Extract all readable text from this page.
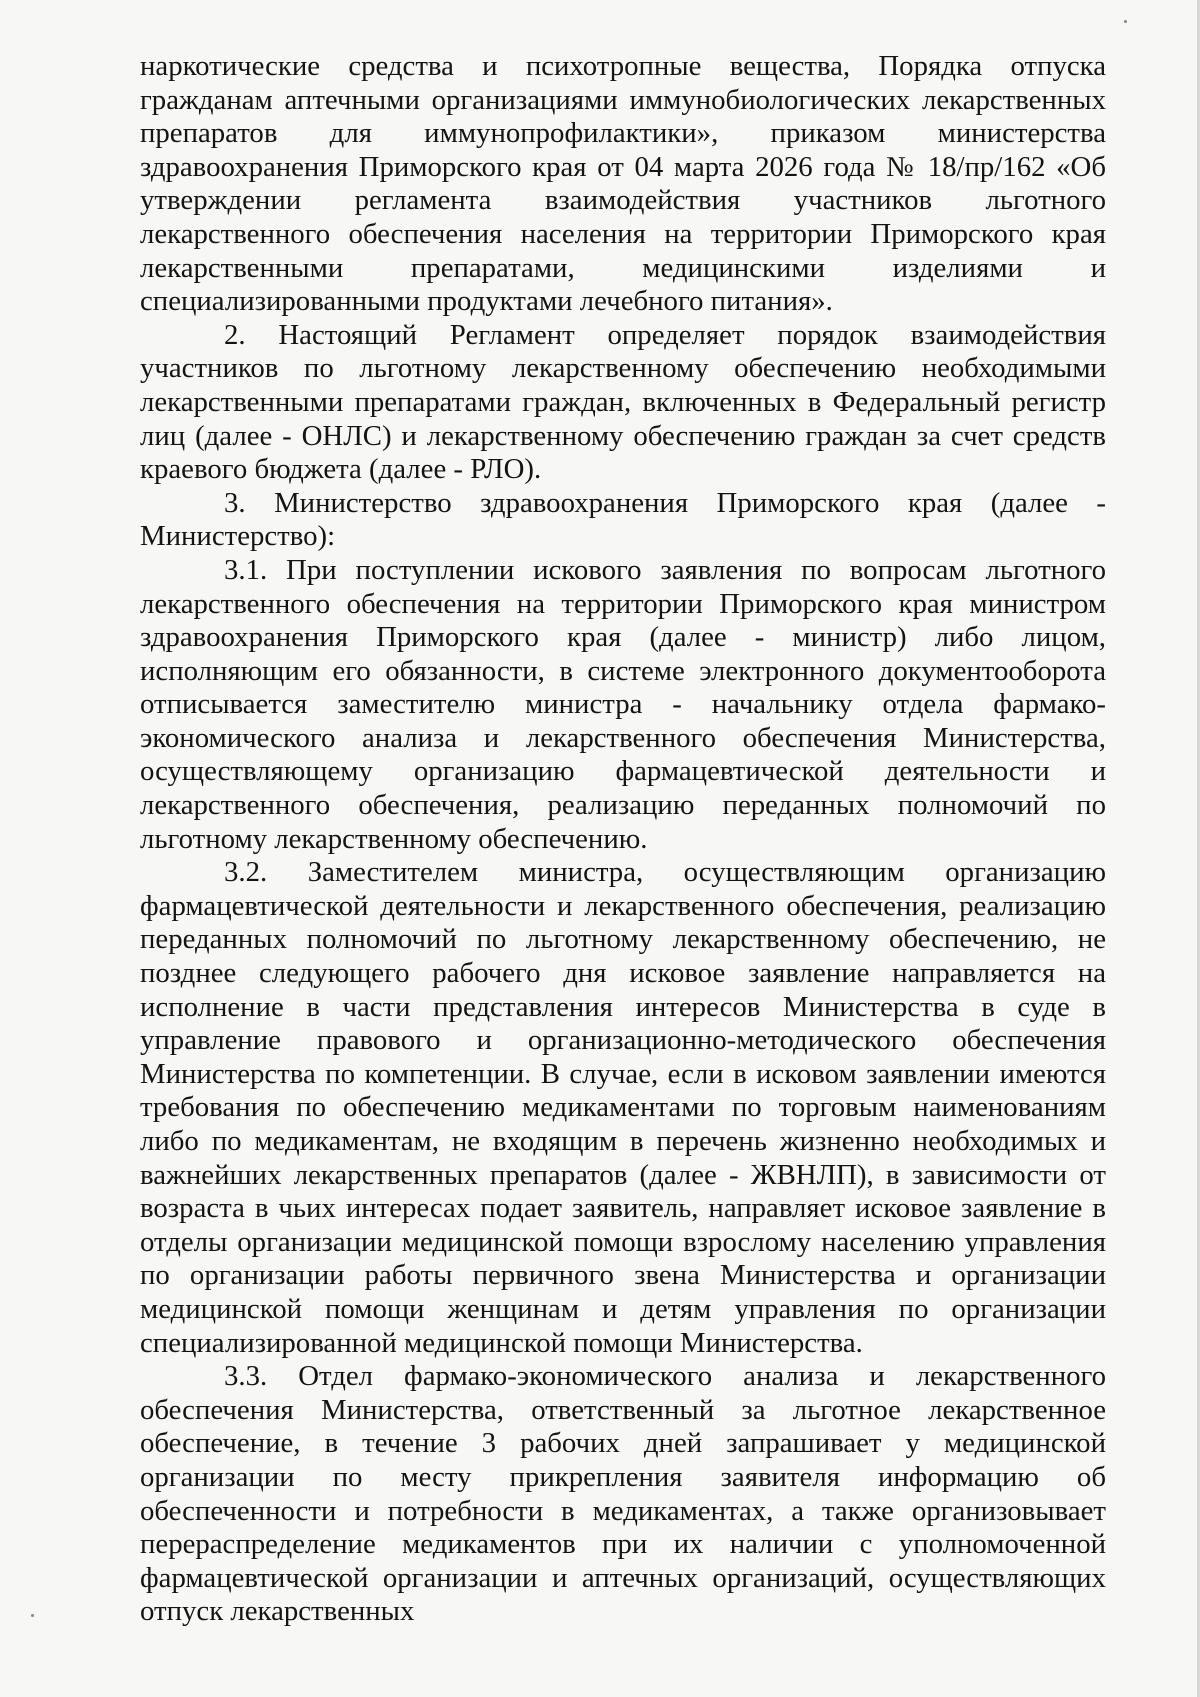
наркотические средства и психотропные вещества, Порядка отпуска гражданам аптечными организациями иммунобиологических лекарственных препаратов для иммунопрофилактики», приказом министерства здравоохранения Приморского края от 04 марта 2026 года № 18/пр/162 «Об утверждении регламента взаимодействия участников льготного лекарственного обеспечения населения на территории Приморского края лекарственными препаратами, медицинскими изделиями и специализированными продуктами лечебного питания».

2. Настоящий Регламент определяет порядок взаимодействия участников по льготному лекарственному обеспечению необходимыми лекарственными препаратами граждан, включенных в Федеральный регистр лиц (далее - ОНЛС) и лекарственному обеспечению граждан за счет средств краевого бюджета (далее - РЛО).

3. Министерство здравоохранения Приморского края (далее - Министерство):

3.1. При поступлении искового заявления по вопросам льготного лекарственного обеспечения на территории Приморского края министром здравоохранения Приморского края (далее - министр) либо лицом, исполняющим его обязанности, в системе электронного документооборота отписывается заместителю министра - начальнику отдела фармако-экономического анализа и лекарственного обеспечения Министерства, осуществляющему организацию фармацевтической деятельности и лекарственного обеспечения, реализацию переданных полномочий по льготному лекарственному обеспечению.

3.2. Заместителем министра, осуществляющим организацию фармацевтической деятельности и лекарственного обеспечения, реализацию переданных полномочий по льготному лекарственному обеспечению, не позднее следующего рабочего дня исковое заявление направляется на исполнение в части представления интересов Министерства в суде в управление правового и организационно-методического обеспечения Министерства по компетенции. В случае, если в исковом заявлении имеются требования по обеспечению медикаментами по торговым наименованиям либо по медикаментам, не входящим в перечень жизненно необходимых и важнейших лекарственных препаратов (далее - ЖВНЛП), в зависимости от возраста в чьих интересах подает заявитель, направляет исковое заявление в отделы организации медицинской помощи взрослому населению управления по организации работы первичного звена Министерства и организации медицинской помощи женщинам и детям управления по организации специализированной медицинской помощи Министерства.

3.3. Отдел фармако-экономического анализа и лекарственного обеспечения Министерства, ответственный за льготное лекарственное обеспечение, в течение 3 рабочих дней запрашивает у медицинской организации по месту прикрепления заявителя информацию об обеспеченности и потребности в медикаментах, а также организовывает перераспределение медикаментов при их наличии с уполномоченной фармацевтической организации и аптечных организаций, осуществляющих отпуск лекарственных
